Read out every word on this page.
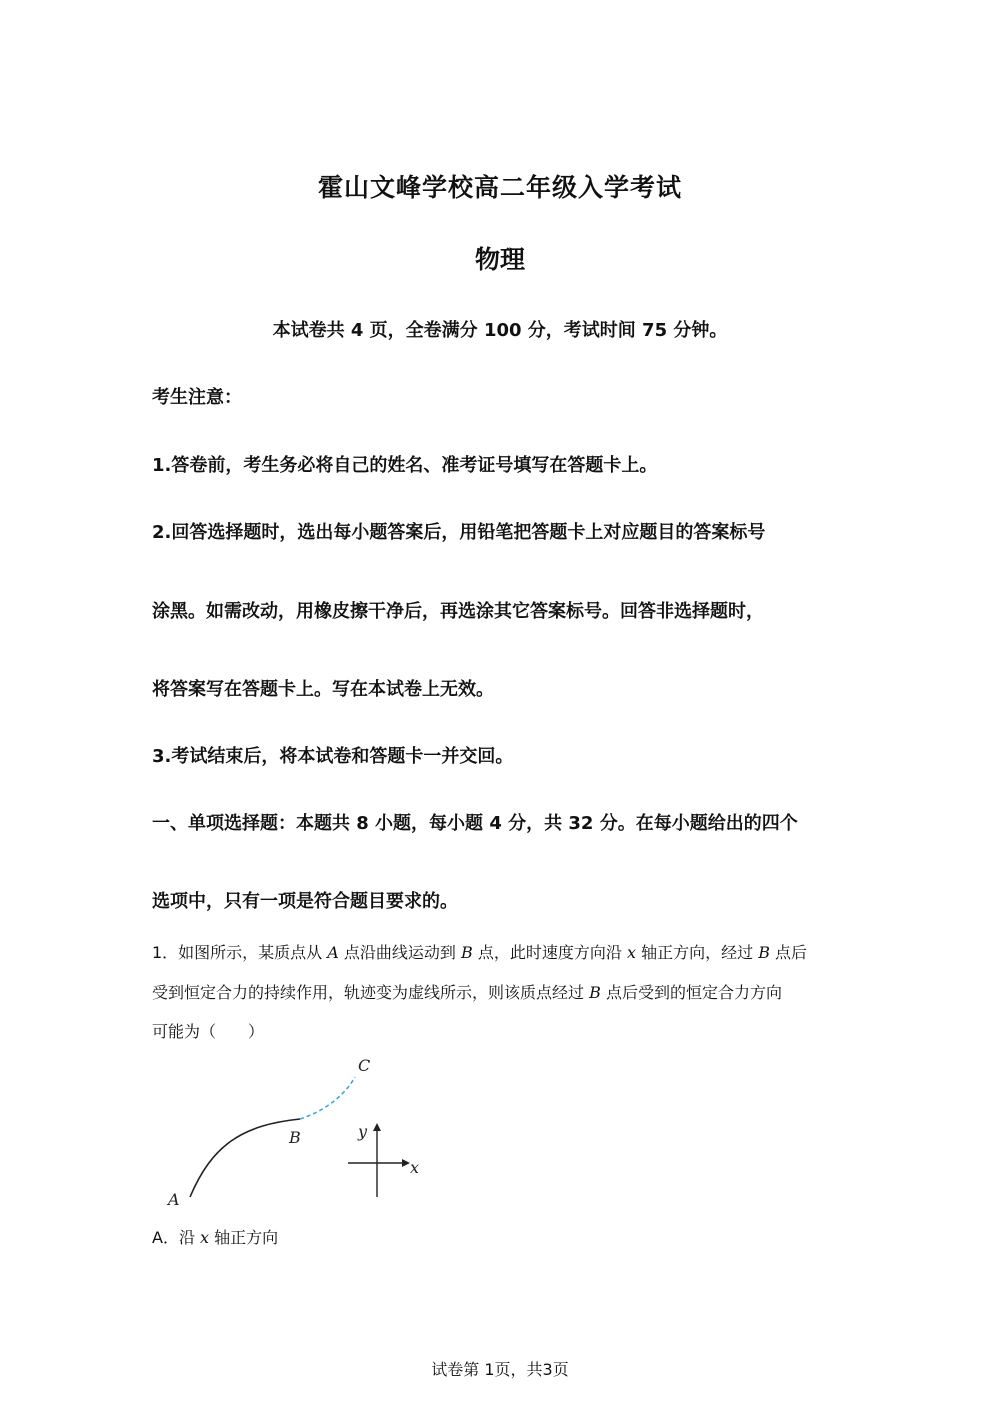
霍山文峰学校高二年级入学考试
物理
本试卷共 4 页，全卷满分 100 分，考试时间 75 分钟。
考生注意：
1.答卷前，考生务必将自己的姓名、准考证号填写在答题卡上。
2.回答选择题时，选出每小题答案后，用铅笔把答题卡上对应题目的答案标号
涂黑。如需改动，用橡皮擦干净后，再选涂其它答案标号。回答非选择题时，
将答案写在答题卡上。写在本试卷上无效。
3.考试结束后，将本试卷和答题卡一并交回。
一、单项选择题：本题共 8 小题，每小题 4 分，共 32 分。在每小题给出的四个
选项中，只有一项是符合题目要求的。
1．如图所示，某质点从 A 点沿曲线运动到 B 点，此时速度方向沿 x 轴正方向，经过 B 点后
受到恒定合力的持续作用，轨迹变为虚线所示，则该质点经过 B 点后受到的恒定合力方向
可能为（　　）
A
B
C
x
y
A．沿 x 轴正方向
试卷第 1页，共3页
